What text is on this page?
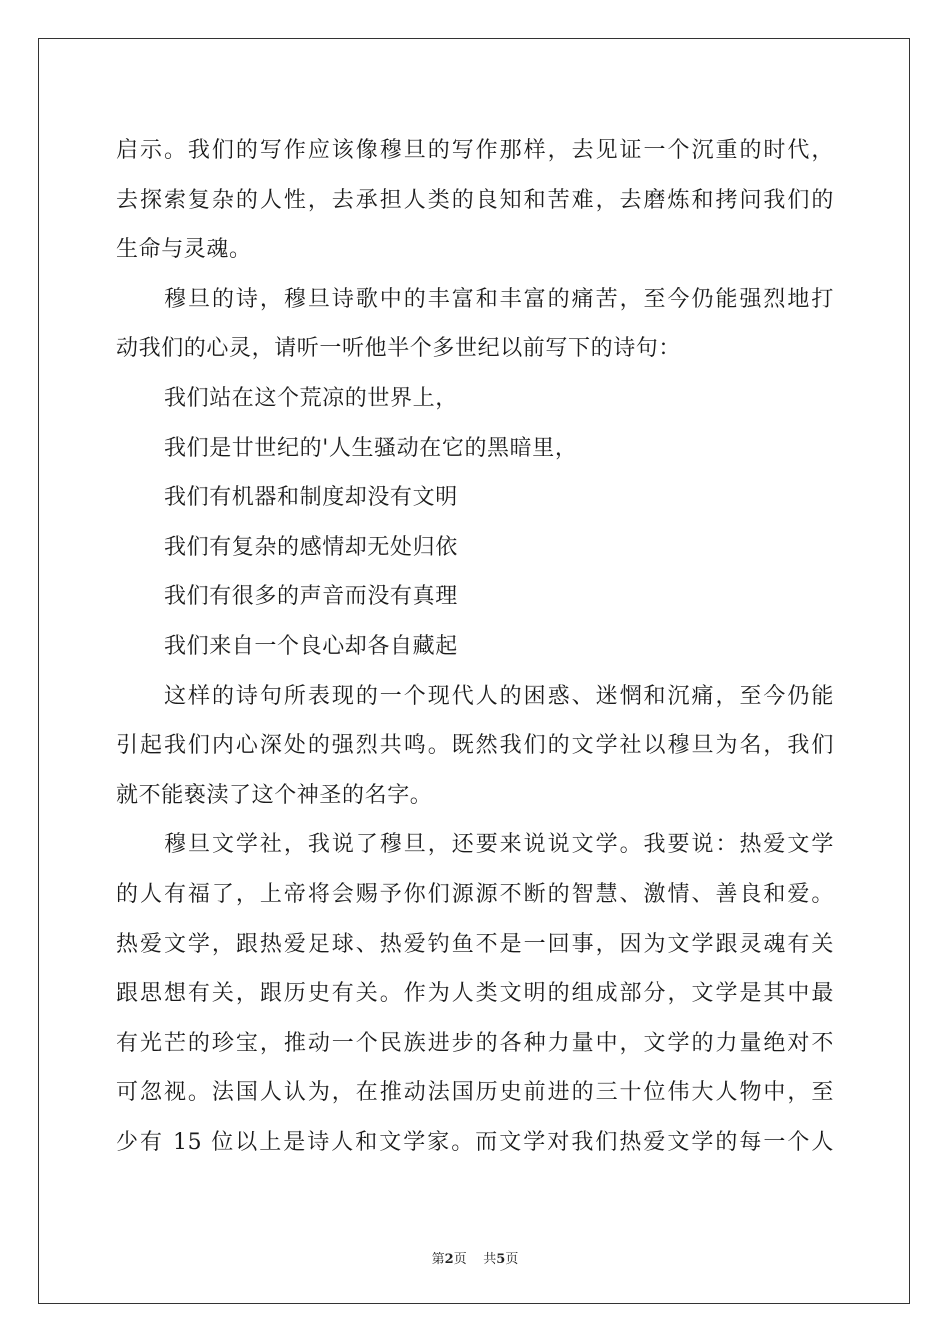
启示。我们的写作应该像穆旦的写作那样，去见证一个沉重的时代，
去探索复杂的人性，去承担人类的良知和苦难，去磨炼和拷问我们的
生命与灵魂。
穆旦的诗，穆旦诗歌中的丰富和丰富的痛苦，至今仍能强烈地打
动我们的心灵，请听一听他半个多世纪以前写下的诗句：
我们站在这个荒凉的世界上，
我们是廿世纪的'人生骚动在它的黑暗里，
我们有机器和制度却没有文明
我们有复杂的感情却无处归依
我们有很多的声音而没有真理
我们来自一个良心却各自藏起
这样的诗句所表现的一个现代人的困惑、迷惘和沉痛，至今仍能
引起我们内心深处的强烈共鸣。既然我们的文学社以穆旦为名，我们
就不能亵渎了这个神圣的名字。
穆旦文学社，我说了穆旦，还要来说说文学。我要说：热爱文学
的人有福了，上帝将会赐予你们源源不断的智慧、激情、善良和爱。
热爱文学，跟热爱足球、热爱钓鱼不是一回事，因为文学跟灵魂有关
跟思想有关，跟历史有关。作为人类文明的组成部分，文学是其中最
有光芒的珍宝，推动一个民族进步的各种力量中，文学的力量绝对不
可忽视。法国人认为，在推动法国历史前进的三十位伟大人物中，至
少有 15 位以上是诗人和文学家。而文学对我们热爱文学的每一个人
第2页 共5页
